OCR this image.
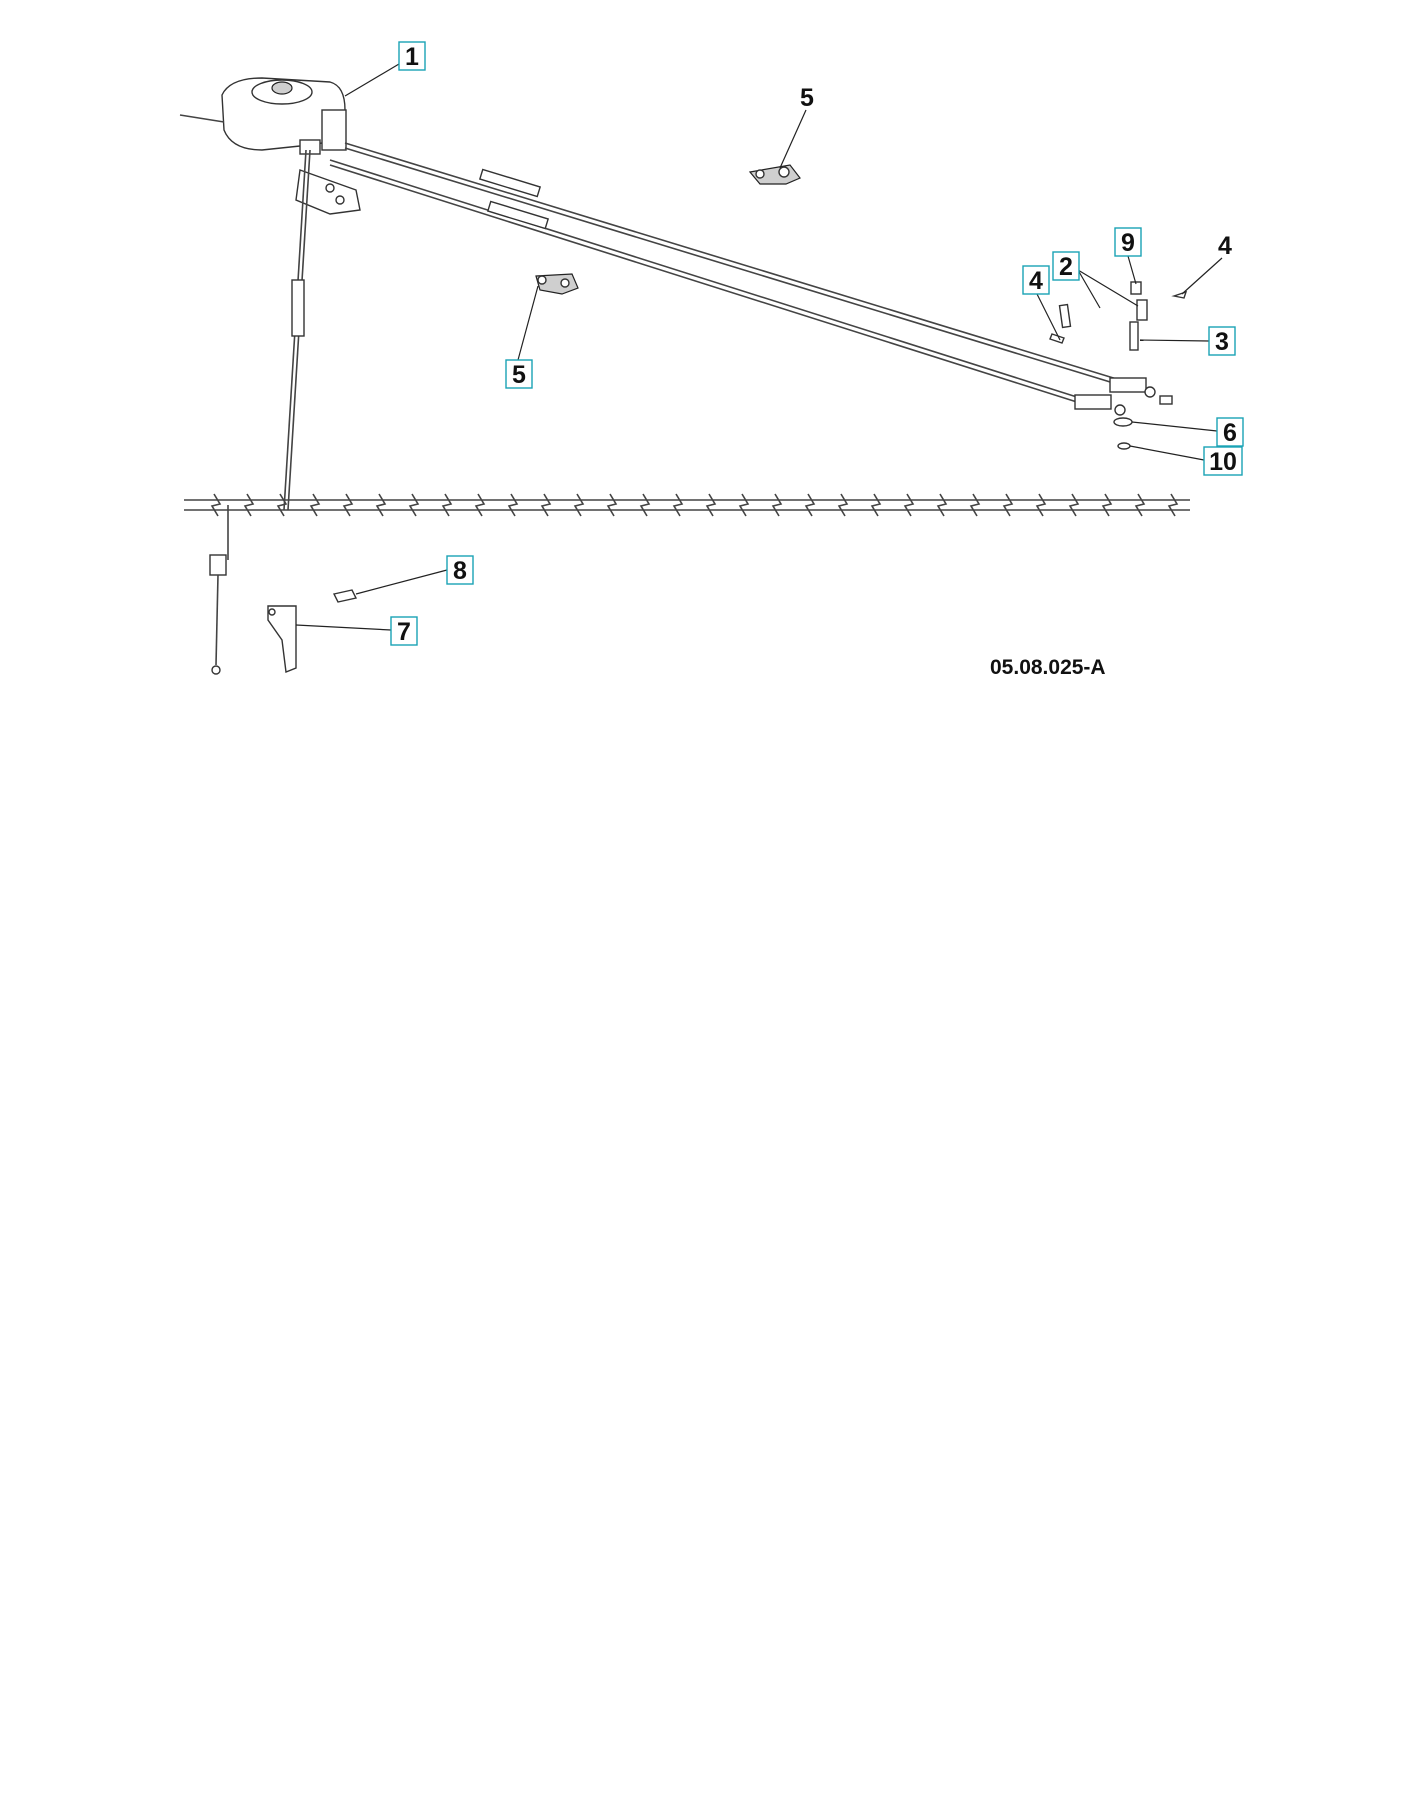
1
2
3
4
4
5
5
6
7
8
9
10
05.08.025-A
